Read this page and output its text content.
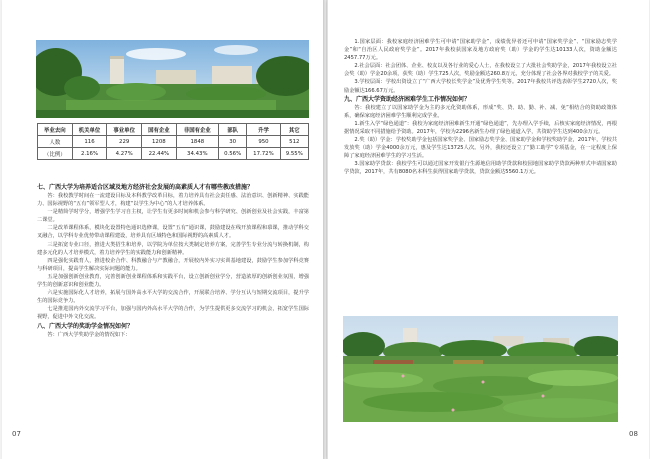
毕业去向	机关单位	事业单位	国有企业	非国有企业	部队	升学	其它
人数	116	229	1208	1848	30	950	512
（比例）	2.16%	4.27%	22.44%	34.43%	0.56%	17.72%	9.55%

七、广西大学为培养适合区域及地方经济社会发展的高素质人才有哪些教改措施？

答：我校教学时间在一流建设目标及本科教学改革目标，着力培养具有社会责任感、法治意识、创新精神、实践能力、国际视野的“五有”领军型人才，构建“以学生为中心”的人才培养体系。

一是精简学时学分，增强学生学习自主权，让学生有更多时间和机会参与科学研究、创新创业及社会实践，丰富第二课堂。

二是改革课程体系，模块化设置特色通识选修课，设置“五有”通识课，鼓励建设在线开放课程和慕课，推动学科交叉融合，以学科专业优势带动课程建设，培养具有区域特色和国际视野的高素质人才。

三是拓宽专业口径，推进大类招生和培养，以学院为单位按大类制定培养方案，完善学生专业分流与转换机制，构建多元化的人才培养模式，着力培养学生的实践能力和创新精神。

四是强化实践育人，推进校企合作、科教融合与产教融合，开展校内外实习实训基地建设，鼓励学生参加学科竞赛与科研项目，提高学生解决实际问题的能力。

五是加强创新创业教育，完善创新创业课程体系和实践平台，设立创新创业学分，营造浓厚的创新创业氛围，增强学生的创新意识和创业能力。

六是实施国际化人才培养，拓展与国外高水平大学的交流合作，开展联合培养、学分互认与短期交流项目，提升学生的国际竞争力。

七是推进国内外交流学习平台，加强与国内外高水平大学的合作，为学生提供更多交流学习的机会，拓宽学生国际视野，促进中外文化交流。

八、广西大学的奖助学金情况如何？

答：广西大学奖助学金的情况如下：

07

1.国家层面：我校家庭经济困难学生可申请“国家助学金”，成绩优异者还可申请“国家奖学金”、“国家励志奖学金”和“自治区人民政府奖学金”。2017年我校获国家及地方政府奖（助）学金的学生达10133人次，资助金额达2457.77万元。

2.社会层面：社会团体、企业、校友以及各行业的爱心人士，在我校设立了大批社会奖助学金，2017年我校设立社会奖（助）学金20余项，获奖（助）学生725人次，奖励金额达260.8万元，充分体现了社会各界对我校学子的关爱。

3.学校层面：学校出资设立了“广西大学校长奖学金”及优秀学生奖等。2017年我校共评选表彰学生2720人次，奖励金额达166.67万元。

九、广西大学资助经济困难学生工作情况如何？

答：我校建立了以国家助学金为主的多元化资助体系，形成“奖、贷、助、勤、补、减、免”相结合的资助政策体系，确保家庭经济困难学生顺利完成学业。

1.新生入学“绿色通道”：我校为家庭经济困难新生开通“绿色通道”，先办理入学手续，后核实家庭经济情况，再根据情况采取不同措施给予资助。2017年，学校为2296名新生办理了绿色通道入学，共资助学生达到400余万元。

2.奖（助）学金：学校奖助学金包括国家奖学金、国家励志奖学金、国家助学金和学校奖助学金，2017年，学校共发放奖（助）学金4000余万元，惠及学生达13725人次。另外，我校还设立了“勤工助学”专项基金，在一定程度上保障了家庭经济困难学生的学习生活。

3.国家助学贷款：我校学生可以通过国家开发银行生源地信用助学贷款和校园地国家助学贷款两种形式申请国家助学贷款，2017年，共有8080名本科生获得国家助学贷款，贷款金额达5560.1万元。

08
